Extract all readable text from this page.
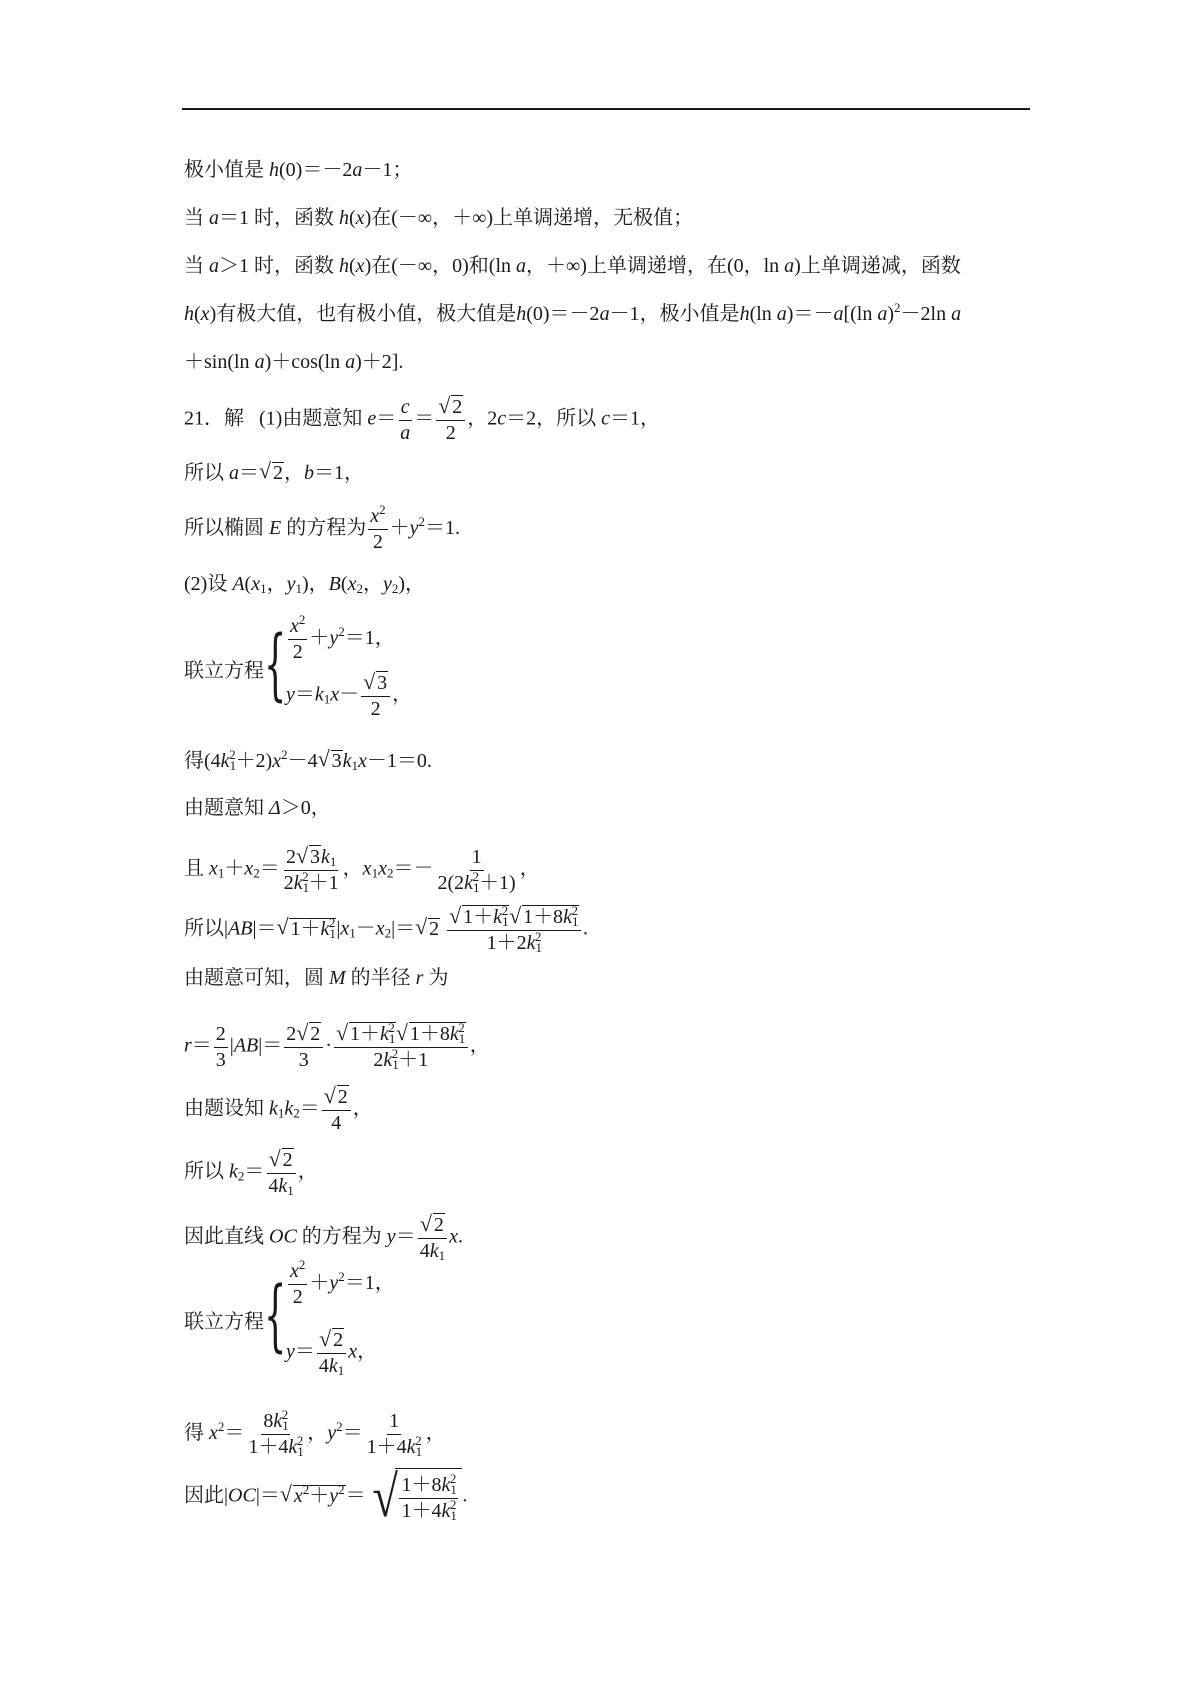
极小值是 h(0)＝－2a－1；
当 a＝1 时，函数 h(x)在(－∞，＋∞)上单调递增，无极值；
当 a＞1 时，函数 h(x)在(－∞，0)和(ln a，＋∞)上单调递增，在(0，ln a)上单调递减，函数
h(x)有极大值，也有极小值，极大值是h(0)＝－2a－1，极小值是h(ln a)＝－a[(ln a)$^2$－2ln a
＋sin(ln a)＋cos(ln a)＋2].
21．解 (1)由题意知 $e= \frac{c}{a}$ ＝
√ $\frac{2}{2}$ ，2c＝2，所以 c＝1，
所以 a＝√ 2，b＝1，
所以椭圆 E 的方程为 $\frac{x^2}{2} +y^2=1$.
(2)设 $A(x_1$，$y_1$)，$B(x_2$，$y_2$)，
联立方程 { $\frac{x^2}{2} +y^2=1$，
$y=k_1x-$
√ $\frac{3}{2}$ ，
得$(4k_1^2+2)x^2-4√$ $3k_1x-1=0$.
由题意知 Δ＞0，
且 $x_1+x_2= \frac{2√ 3k_1}{2k_1^2+1}$ ，$x_1x_2=- \frac{1}{2(2k_1^2+1)}$ ，
所以|AB|＝√ $1+k_1^2|x_1-x_2|=√$ 2
√ $\frac{1+k_1^2√ 1+8k_1^2}{1+2k_1^2}$ .
由题意可知，圆 M 的半径 r 为
$r= \frac{2}{3} |AB|= \frac{2√ 2}{3}$ ·
√ $\frac{1+k_1^2√ 1+8k_1^2}{2k_1^2+1}$ ，
由题设知 $k_1k_2=$
√ $\frac{2}{4}$ ，
所以 $k_2=$
√ $\frac{2}{4k_1}$ ，
因此直线 OC 的方程为 y＝
√ $\frac{2}{4k_1} x$.
联立方程 { $\frac{x^2}{2} +y^2=1$，
y＝
√ $\frac{2}{4k_1}$ x，
得 $x^2= \frac{8k_1^2}{1+4k_1^2}$ ，$y^2= \frac{1}{1+4k_1^2}$ ，
因此|OC|＝√ $x^2+y^2=$ √ $\frac{1+8k_1^2}{1+4k_1^2}$ .
